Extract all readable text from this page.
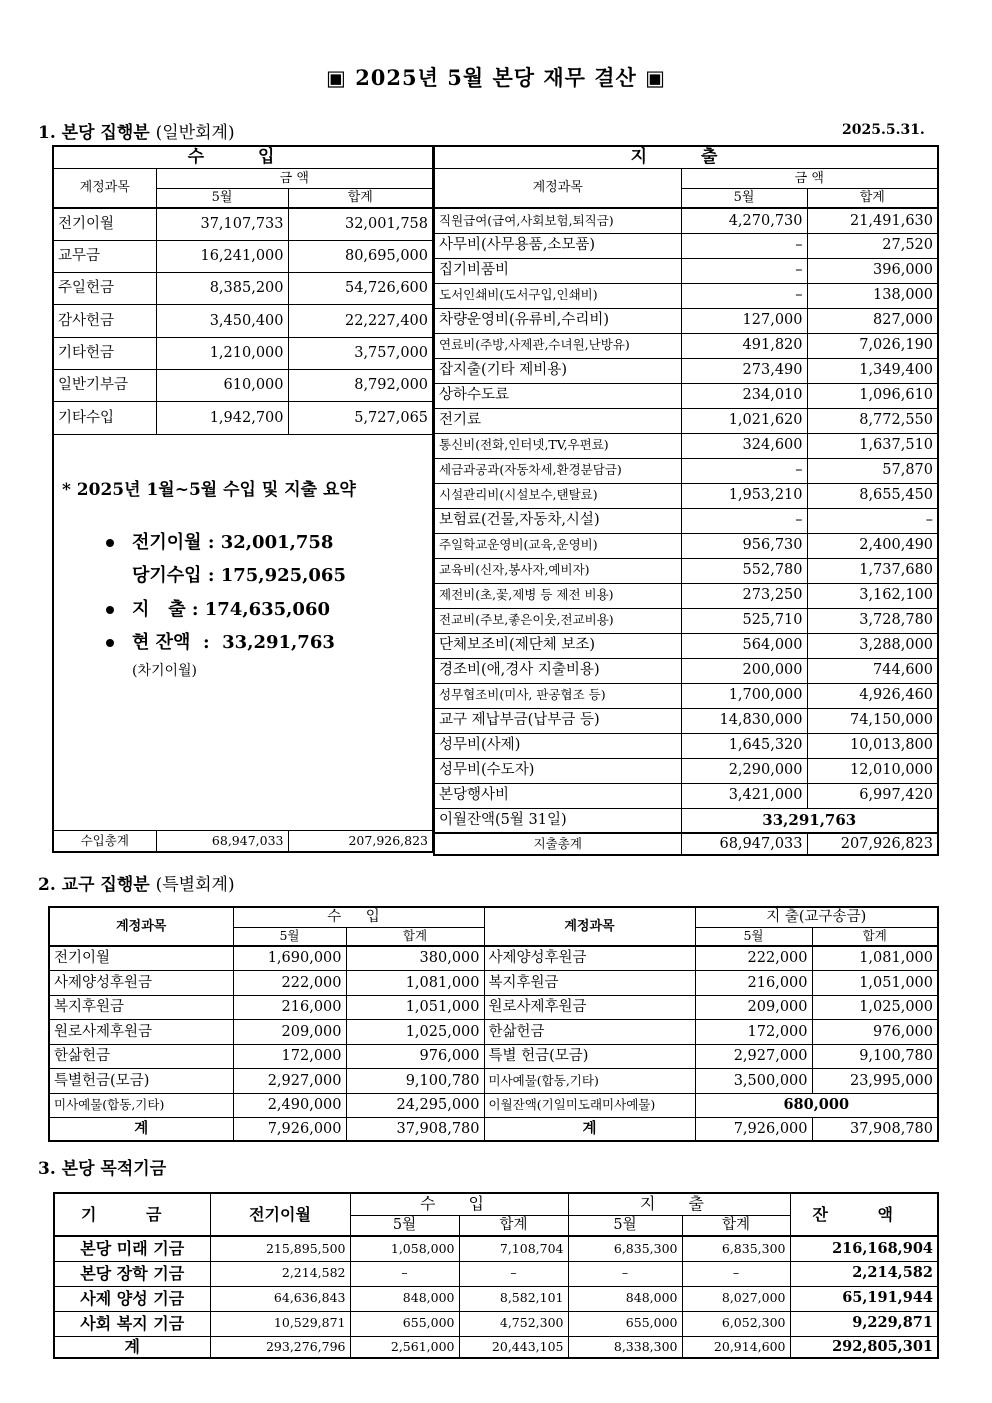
▣ 2025년 5월 본당 재무 결산 ▣
1. 본당 집행분 (일반회계)	2025.5.31.
수 입		
계정과목	금 액	
	5월	합계
전기이월	37,107,733	32,001,758
교무금	16,241,000	80,695,000
주일헌금	8,385,200	54,726,600
감사헌금	3,450,400	22,227,400
기타헌금	1,210,000	3,757,000
일반기부금	610,000	8,792,000
기타수입	1,942,700	5,727,065

수입총계	68,947,033	207,926,823
지 출		
계정과목	금 액	
	5월	합계
직원급여(급여,사회보험,퇴직금)	4,270,730	21,491,630
사무비(사무용품,소모품)	–	27,520
집기비품비	–	396,000
도서인쇄비(도서구입,인쇄비)	–	138,000
차량운영비(유류비,수리비)	127,000	827,000
연료비(주방,사제관,수녀원,난방유)	491,820	7,026,190
잡지출(기타 제비용)	273,490	1,349,400
상하수도료	234,010	1,096,610
전기료	1,021,620	8,772,550
통신비(전화,인터넷,TV,우편료)	324,600	1,637,510
세금과공과(자동차세,환경분담금)	–	57,870
시설관리비(시설보수,탠탈료)	1,953,210	8,655,450
보험료(건물,자동차,시설)	–	–
주일학교운영비(교육,운영비)	956,730	2,400,490
교육비(신자,봉사자,예비자)	552,780	1,737,680
제전비(초,꽃,제병 등 제전 비용)	273,250	3,162,100
전교비(주보,좋은이웃,전교비용)	525,710	3,728,780
단체보조비(제단체 보조)	564,000	3,288,000
경조비(애,경사 지출비용)	200,000	744,600
성무협조비(미사, 판공협조 등)	1,700,000	4,926,460
교구 제납부금(납부금 등)	14,830,000	74,150,000
성무비(사제)	1,645,320	10,013,800
성무비(수도자)	2,290,000	12,010,000
본당행사비	3,421,000	6,997,420
이월잔액(5월 31일)	33,291,763	
지출총계	68,947,033	207,926,823
* 2025년 1월~5월 수입 및 지출 요약
전기이월 : 32,001,758
당기수입 : 175,925,065
지   출 : 174,635,060
현 잔액  :  33,291,763
(차기이월)
2. 교구 집행분 (특별회계)
계정과목	수 입		계정과목	지 출(교구송금)	
	5월	합계		5월	합계
전기이월	1,690,000	380,000	사제양성후원금	222,000	1,081,000
사제양성후원금	222,000	1,081,000	복지후원금	216,000	1,051,000
복지후원금	216,000	1,051,000	원로사제후원금	209,000	1,025,000
원로사제후원금	209,000	1,025,000	한삶헌금	172,000	976,000
한삶헌금	172,000	976,000	특별 헌금(모금)	2,927,000	9,100,780
특별헌금(모금)	2,927,000	9,100,780	미사예물(합동,기타)	3,500,000	23,995,000
미사예물(합동,기타)	2,490,000	24,295,000	이월잔액(기일미도래미사예물)	680,000	
계	7,926,000	37,908,780	계	7,926,000	37,908,780
3. 본당 목적기금
기 금	전기이월	수 입		지 출		잔 액
		5월	합계	5월	합계	
본당 미래 기금	215,895,500	1,058,000	7,108,704	6,835,300	6,835,300	216,168,904
본당 장학 기금	2,214,582	–	–	–	–	2,214,582
사제 양성 기금	64,636,843	848,000	8,582,101	848,000	8,027,000	65,191,944
사회 복지 기금	10,529,871	655,000	4,752,300	655,000	6,052,300	9,229,871
계	293,276,796	2,561,000	20,443,105	8,338,300	20,914,600	292,805,301
